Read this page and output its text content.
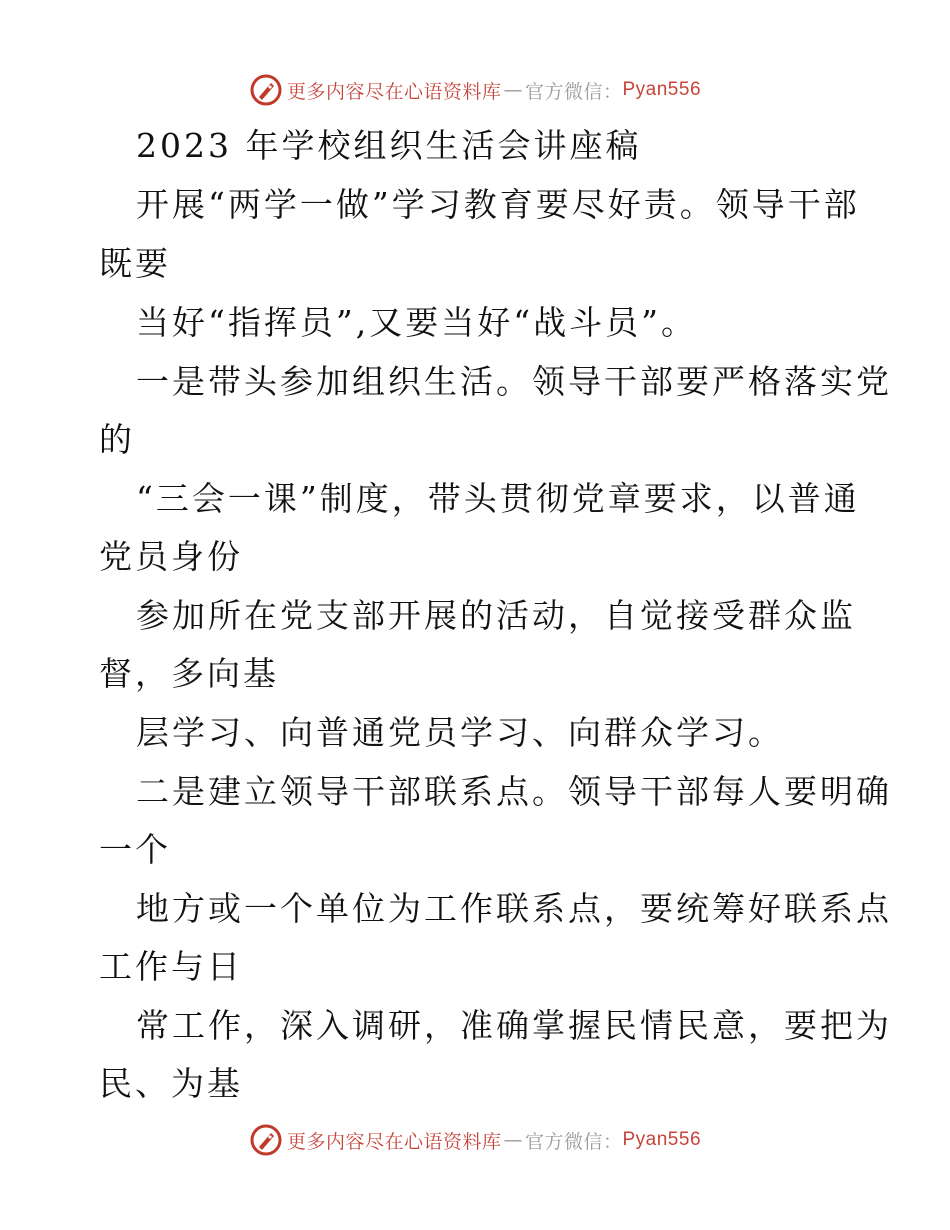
更多内容尽在心语资料库 — 官方微信： Pyan556
2023 年学校组织生活会讲座稿
开展“两学一做”学习教育要尽好责。领导干部
既要
当好“指挥员”,又要当好“战斗员”。
一是带头参加组织生活。领导干部要严格落实党
的
“三会一课”制度，带头贯彻党章要求，以普通
党员身份
参加所在党支部开展的活动，自觉接受群众监
督，多向基
层学习、向普通党员学习、向群众学习。
二是建立领导干部联系点。领导干部每人要明确
一个
地方或一个单位为工作联系点，要统筹好联系点
工作与日
常工作，深入调研，准确掌握民情民意，要把为
民、为基
更多内容尽在心语资料库 — 官方微信： Pyan556
